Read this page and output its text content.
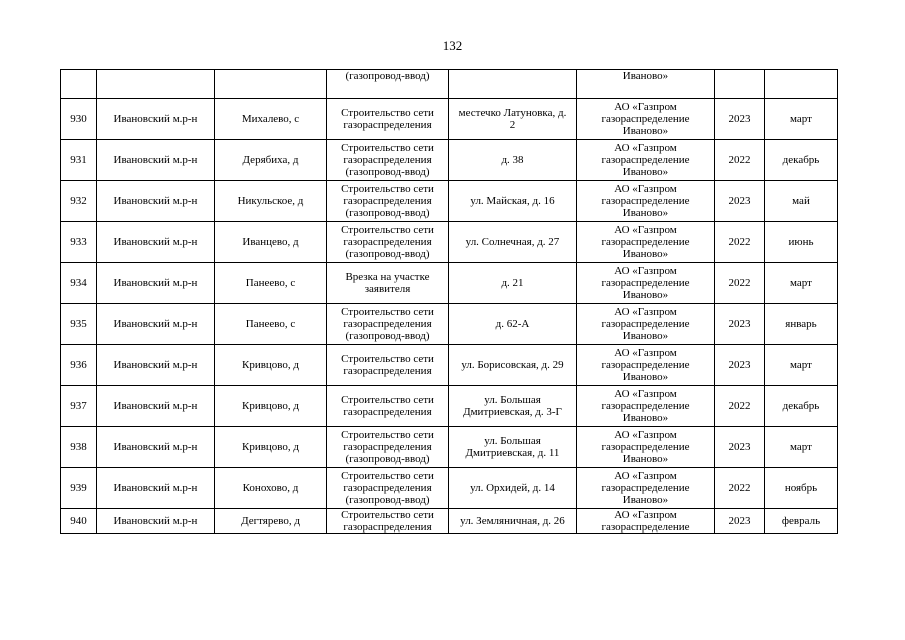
132
			(газопровод-ввод)		Иваново»		
930	Ивановский м.р-н	Михалево, с	Строительство сети
газораспределения	местечко Латуновка, д.
2	АО «Газпром
газораспределение
Иваново»	2023	март
931	Ивановский м.р-н	Дерябиха, д	Строительство сети
газораспределения
(газопровод-ввод)	д. 38	АО «Газпром
газораспределение
Иваново»	2022	декабрь
932	Ивановский м.р-н	Никульское, д	Строительство сети
газораспределения
(газопровод-ввод)	ул. Майская, д. 16	АО «Газпром
газораспределение
Иваново»	2023	май
933	Ивановский м.р-н	Иванцево, д	Строительство сети
газораспределения
(газопровод-ввод)	ул. Солнечная, д. 27	АО «Газпром
газораспределение
Иваново»	2022	июнь
934	Ивановский м.р-н	Панеево, с	Врезка на участке
заявителя	д. 21	АО «Газпром
газораспределение
Иваново»	2022	март
935	Ивановский м.р-н	Панеево, с	Строительство сети
газораспределения
(газопровод-ввод)	д. 62-А	АО «Газпром
газораспределение
Иваново»	2023	январь
936	Ивановский м.р-н	Кривцово, д	Строительство сети
газораспределения	ул. Борисовская, д. 29	АО «Газпром
газораспределение
Иваново»	2023	март
937	Ивановский м.р-н	Кривцово, д	Строительство сети
газораспределения	ул. Большая
Дмитриевская, д. 3-Г	АО «Газпром
газораспределение
Иваново»	2022	декабрь
938	Ивановский м.р-н	Кривцово, д	Строительство сети
газораспределения
(газопровод-ввод)	ул. Большая
Дмитриевская, д. 11	АО «Газпром
газораспределение
Иваново»	2023	март
939	Ивановский м.р-н	Конохово, д	Строительство сети
газораспределения
(газопровод-ввод)	ул. Орхидей, д. 14	АО «Газпром
газораспределение
Иваново»	2022	ноябрь
940	Ивановский м.р-н	Дегтярево, д	Строительство сети
газораспределения	ул. Земляничная, д. 26	АО «Газпром
газораспределение	2023	февраль
